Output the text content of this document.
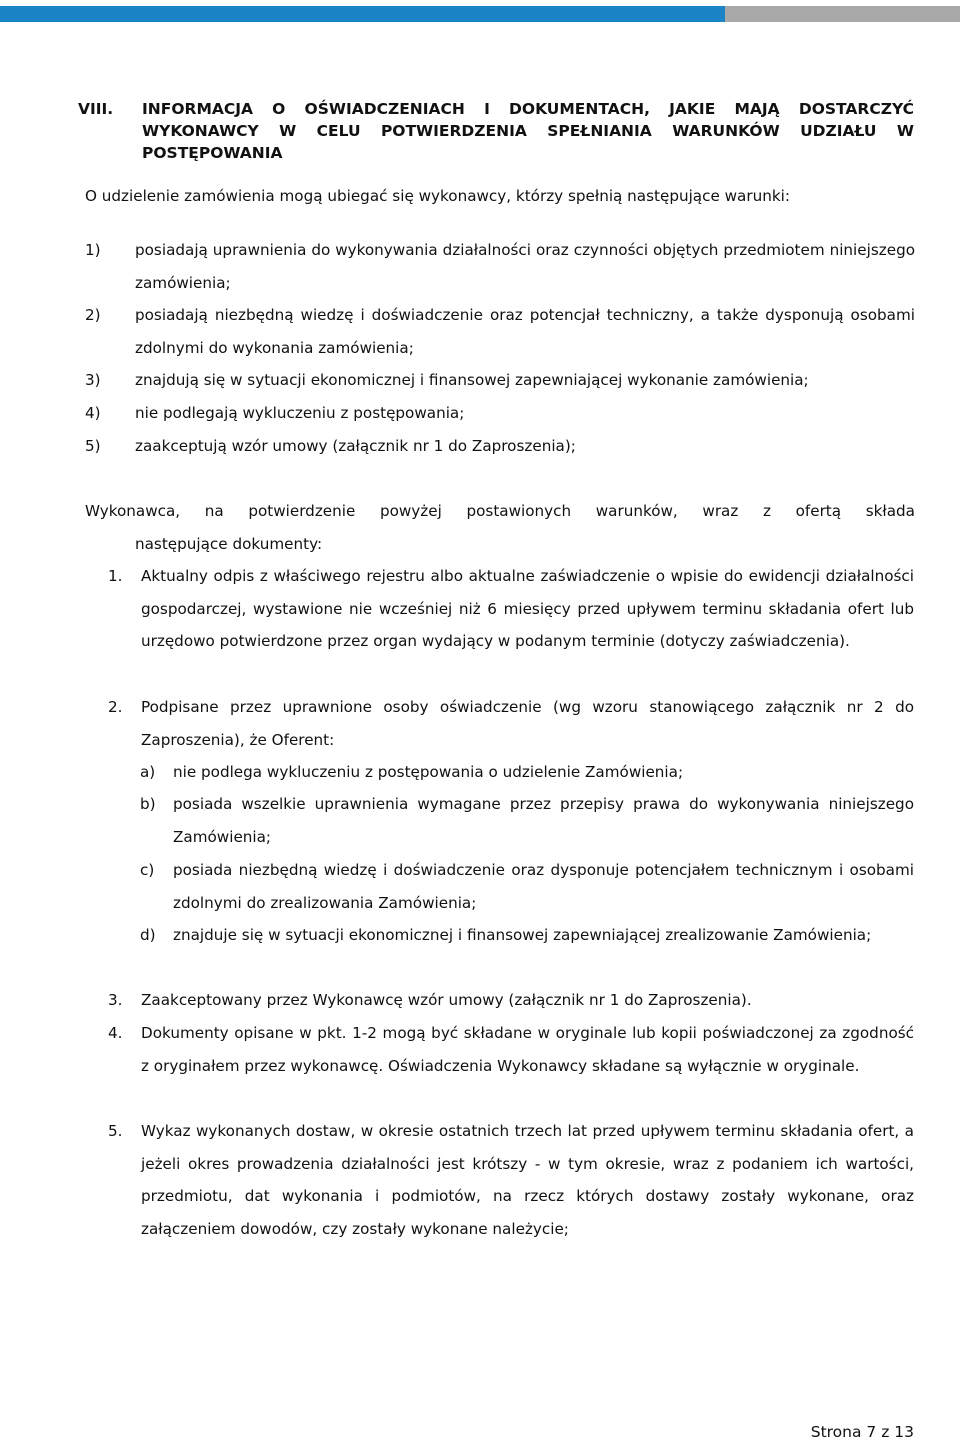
VIII. INFORMACJA O OŚWIADCZENIACH I DOKUMENTACH, JAKIE MAJĄ DOSTARCZYĆ WYKONAWCY W CELU POTWIERDZENIA SPEŁNIANIA WARUNKÓW UDZIAŁU W POSTĘPOWANIA
O udzielenie zamówienia mogą ubiegać się wykonawcy, którzy spełnią następujące warunki:
1) posiadają uprawnienia do wykonywania działalności oraz czynności objętych przedmiotem niniejszego zamówienia;
2) posiadają niezbędną wiedzę i doświadczenie oraz potencjał techniczny, a także dysponują osobami zdolnymi do wykonania zamówienia;
3) znajdują się w sytuacji ekonomicznej i finansowej zapewniającej wykonanie zamówienia;
4) nie podlegają wykluczeniu z postępowania;
5) zaakceptują wzór umowy (załącznik nr 1 do Zaproszenia);
Wykonawca, na potwierdzenie powyżej postawionych warunków, wraz z ofertą składa
następujące dokumenty:
1. Aktualny odpis z właściwego rejestru albo aktualne zaświadczenie o wpisie do ewidencji działalności gospodarczej, wystawione nie wcześniej niż 6 miesięcy przed upływem terminu składania ofert lub urzędowo potwierdzone przez organ wydający w podanym terminie (dotyczy zaświadczenia).
2. Podpisane przez uprawnione osoby oświadczenie (wg wzoru stanowiącego załącznik nr 2 do Zaproszenia), że Oferent:
a) nie podlega wykluczeniu z postępowania o udzielenie Zamówienia;
b) posiada wszelkie uprawnienia wymagane przez przepisy prawa do wykonywania niniejszego Zamówienia;
c) posiada niezbędną wiedzę i doświadczenie oraz dysponuje potencjałem technicznym i osobami zdolnymi do zrealizowania Zamówienia;
d) znajduje się w sytuacji ekonomicznej i finansowej zapewniającej zrealizowanie Zamówienia;
3. Zaakceptowany przez Wykonawcę wzór umowy (załącznik nr 1 do Zaproszenia).
4. Dokumenty opisane w pkt. 1-2 mogą być składane w oryginale lub kopii poświadczonej za zgodność z oryginałem przez wykonawcę. Oświadczenia Wykonawcy składane są wyłącznie w oryginale.
5. Wykaz wykonanych dostaw, w okresie ostatnich trzech lat przed upływem terminu składania ofert, a jeżeli okres prowadzenia działalności jest krótszy - w tym okresie, wraz z podaniem ich wartości, przedmiotu, dat wykonania i podmiotów, na rzecz których dostawy zostały wykonane, oraz załączeniem dowodów, czy zostały wykonane należycie;
Strona 7 z 13
